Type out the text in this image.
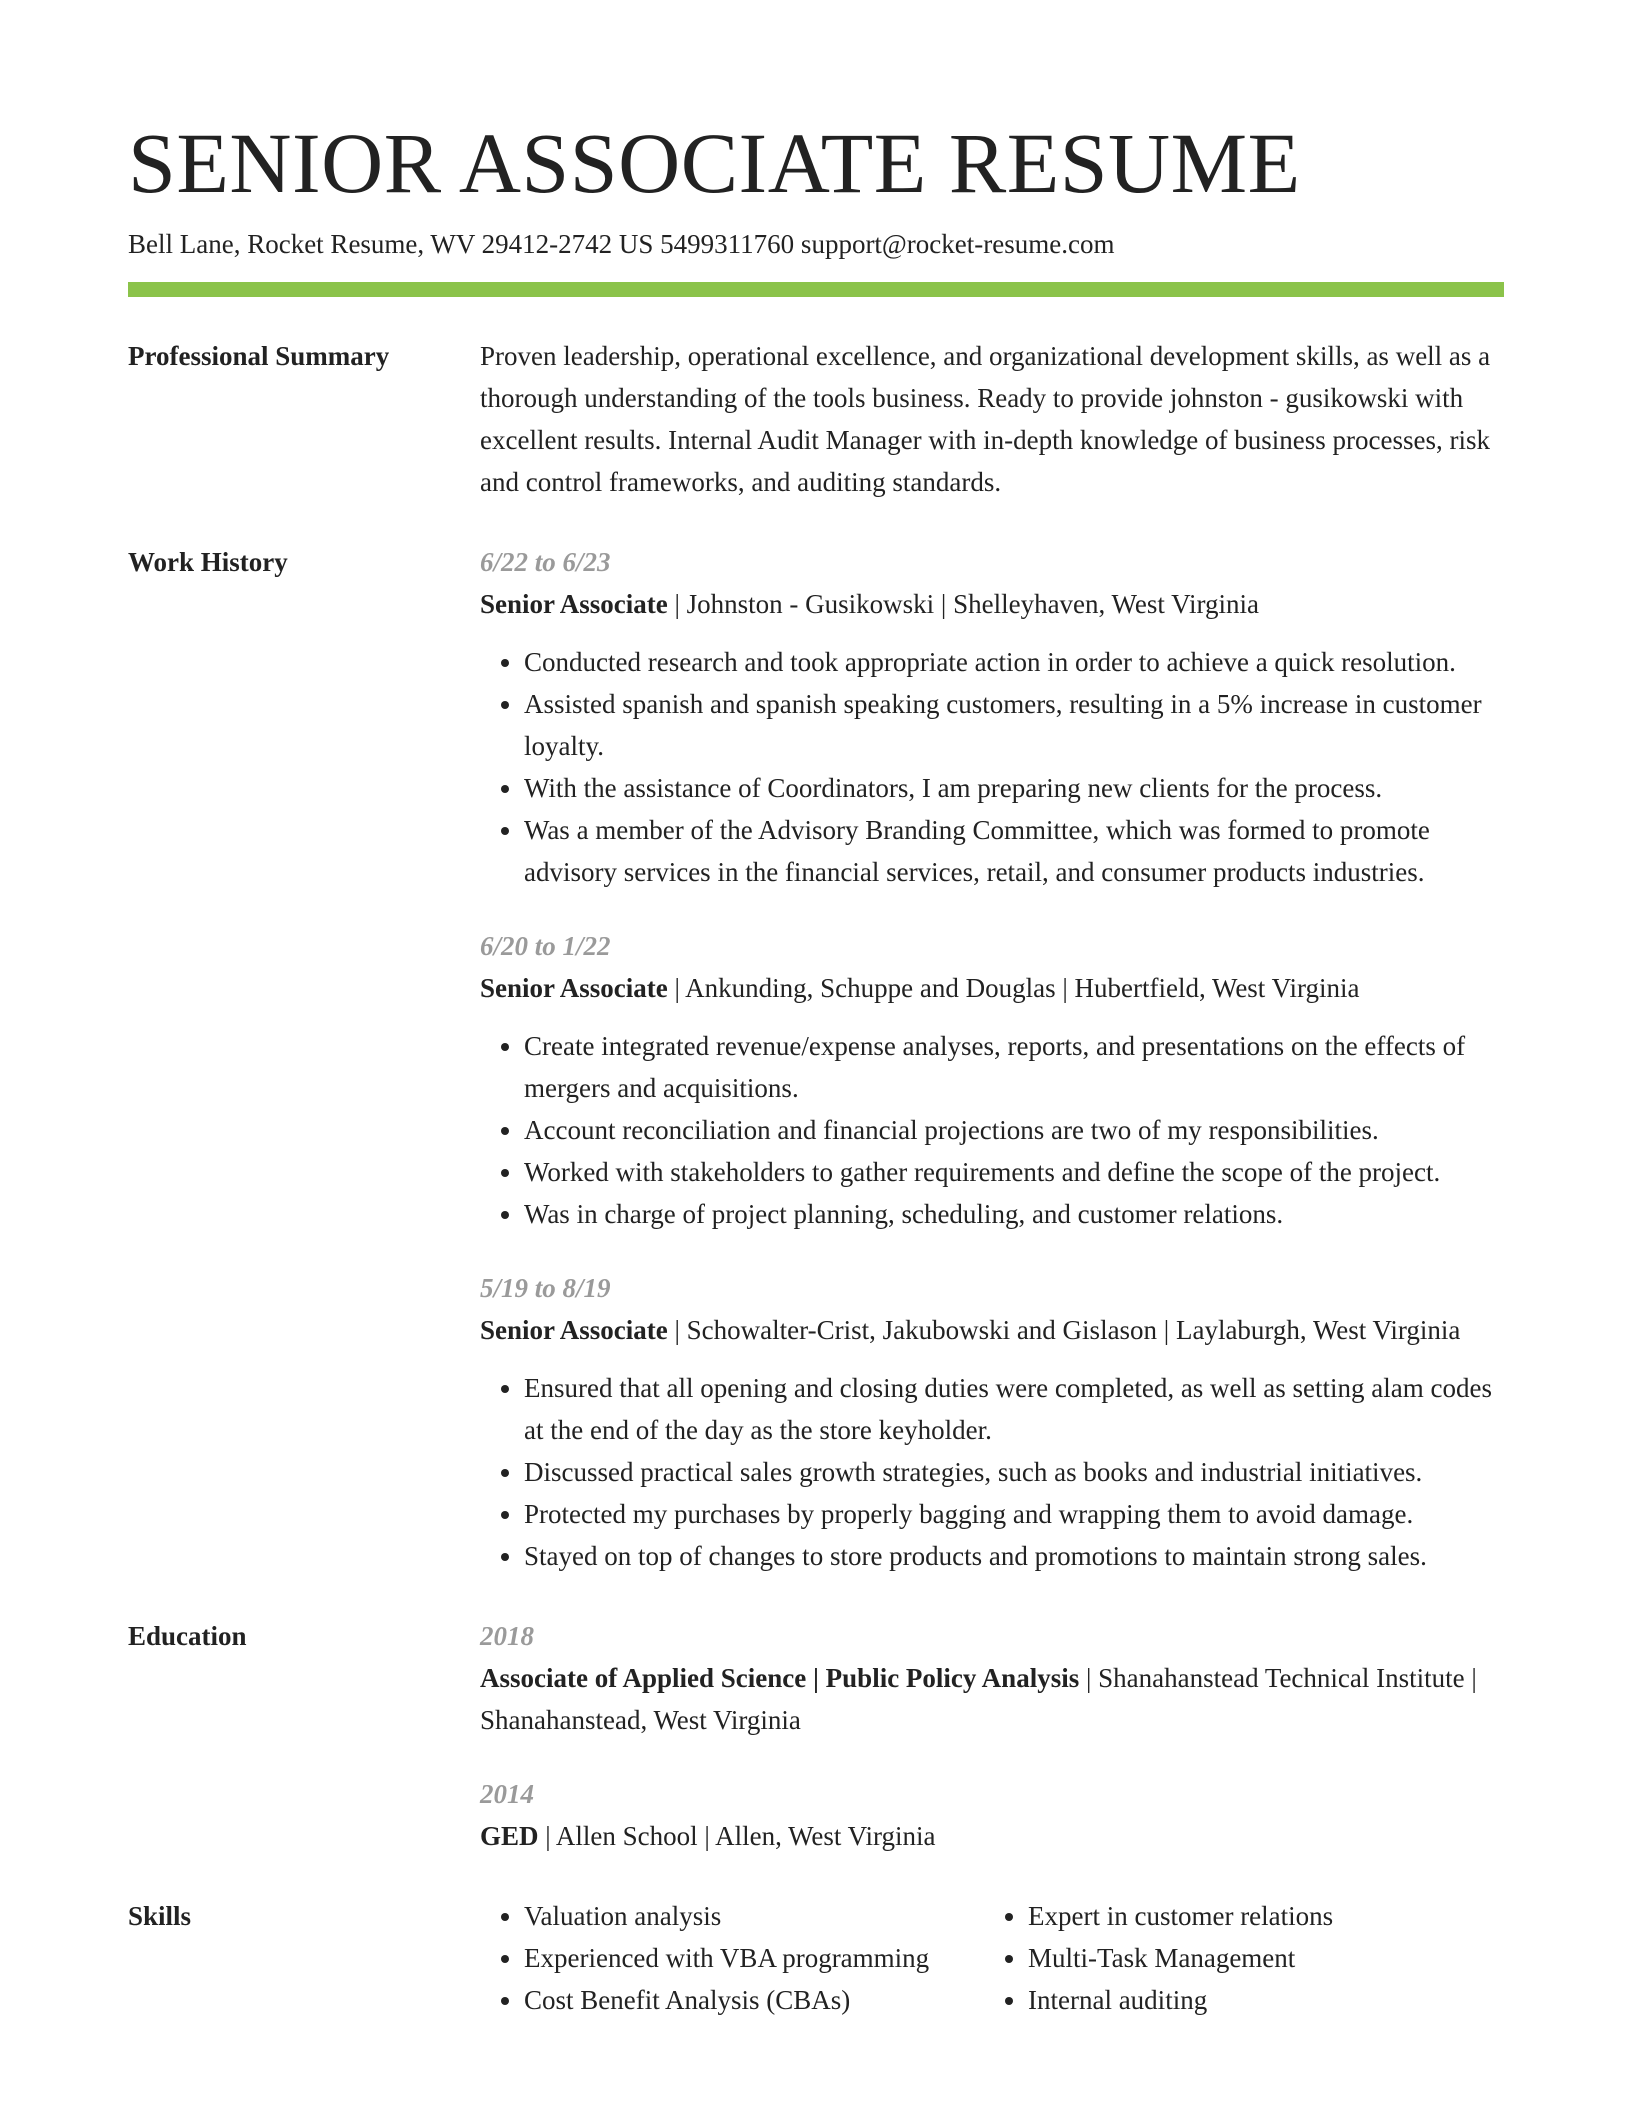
SENIOR ASSOCIATE RESUME
Bell Lane, Rocket Resume, WV 29412-2742 US 5499311760 support@rocket-resume.com
Professional Summary	Proven leadership, operational excellence, and organizational development skills, as well as a thorough understanding of the tools business. Ready to provide johnston - gusikowski with excellent results. Internal Audit Manager with in-depth knowledge of business processes, risk and control frameworks, and auditing standards.

Work History	6/22 to 6/23

Senior Associate | Johnston - Gusikowski | Shelleyhaven, West Virginia

• Conducted research and took appropriate action in order to achieve a quick resolution.
• Assisted spanish and spanish speaking customers, resulting in a 5% increase in customer loyalty.
• With the assistance of Coordinators, I am preparing new clients for the process.
• Was a member of the Advisory Branding Committee, which was formed to promote advisory services in the financial services, retail, and consumer products industries.
6/20 to 1/22

Senior Associate | Ankunding, Schuppe and Douglas | Hubertfield, West Virginia

• Create integrated revenue/expense analyses, reports, and presentations on the effects of mergers and acquisitions.
• Account reconciliation and financial projections are two of my responsibilities.
• Worked with stakeholders to gather requirements and define the scope of the project.
• Was in charge of project planning, scheduling, and customer relations.
5/19 to 8/19

Senior Associate | Schowalter-Crist, Jakubowski and Gislason | Laylaburgh, West Virginia

• Ensured that all opening and closing duties were completed, as well as setting alam codes at the end of the day as the store keyholder.
• Discussed practical sales growth strategies, such as books and industrial initiatives.
• Protected my purchases by properly bagging and wrapping them to avoid damage.
• Stayed on top of changes to store products and promotions to maintain strong sales.
Education	2018

Associate of Applied Science | Public Policy Analysis | Shanahanstead Technical Institute | Shanahanstead, West Virginia

2014

GED | Allen School | Allen, West Virginia

Skills
•	Valuation analysis
• Experienced with VBA programming
• Cost Benefit Analysis (CBAs)
• Expert in customer relations
• Multi-Task Management
• Internal auditing
